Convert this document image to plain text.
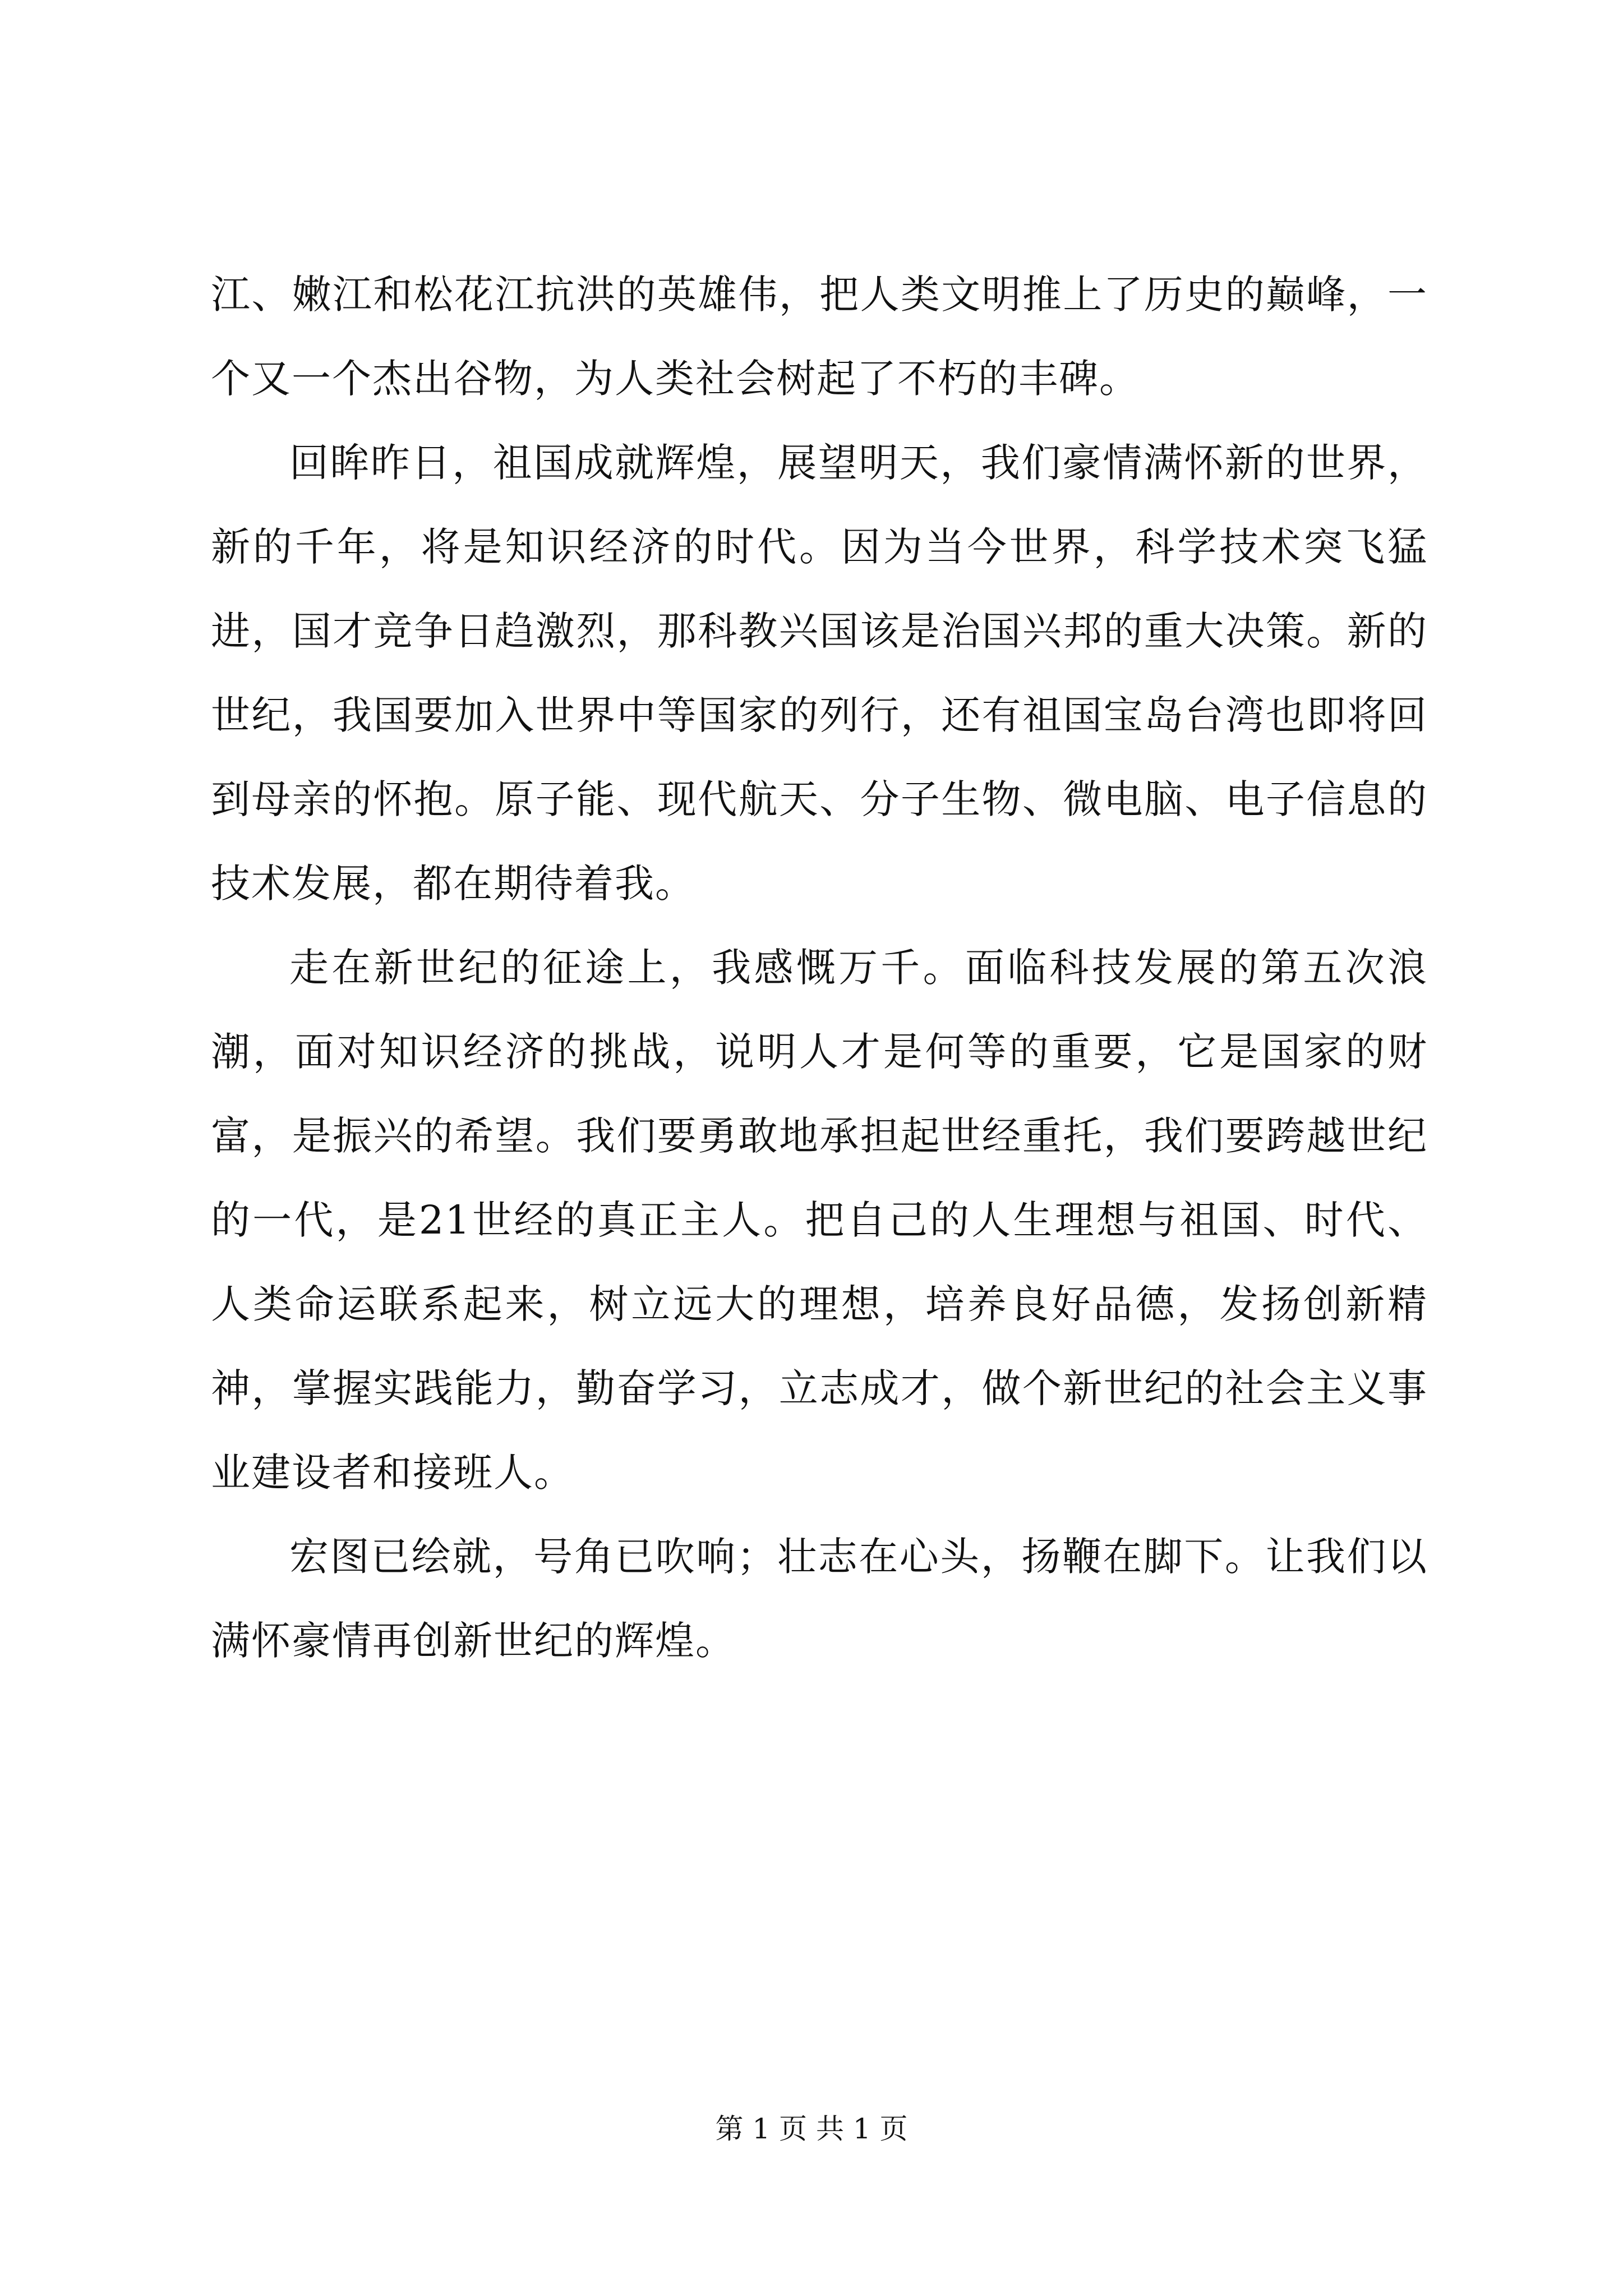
江、嫩江和松花江抗洪的英雄伟，把人类文明推上了历史的巅峰，一个又一个杰出谷物，为人类社会树起了不朽的丰碑。

回眸昨日，祖国成就辉煌，展望明天，我们豪情满怀新的世界，新的千年，将是知识经济的时代。因为当今世界，科学技术突飞猛进，国才竞争日趋激烈，那科教兴国该是治国兴邦的重大决策。新的世纪，我国要加入世界中等国家的列行，还有祖国宝岛台湾也即将回到母亲的怀抱。原子能、现代航天、分子生物、微电脑、电子信息的技术发展，都在期待着我。

走在新世纪的征途上，我感慨万千。面临科技发展的第五次浪潮，面对知识经济的挑战，说明人才是何等的重要，它是国家的财富，是振兴的希望。我们要勇敢地承担起世经重托，我们要跨越世纪的一代，是21世经的真正主人。把自己的人生理想与祖国、时代、人类命运联系起来，树立远大的理想，培养良好品德，发扬创新精神，掌握实践能力，勤奋学习，立志成才，做个新世纪的社会主义事业建设者和接班人。

宏图已绘就，号角已吹响；壮志在心头，扬鞭在脚下。让我们以满怀豪情再创新世纪的辉煌。

第 1 页 共 1 页
